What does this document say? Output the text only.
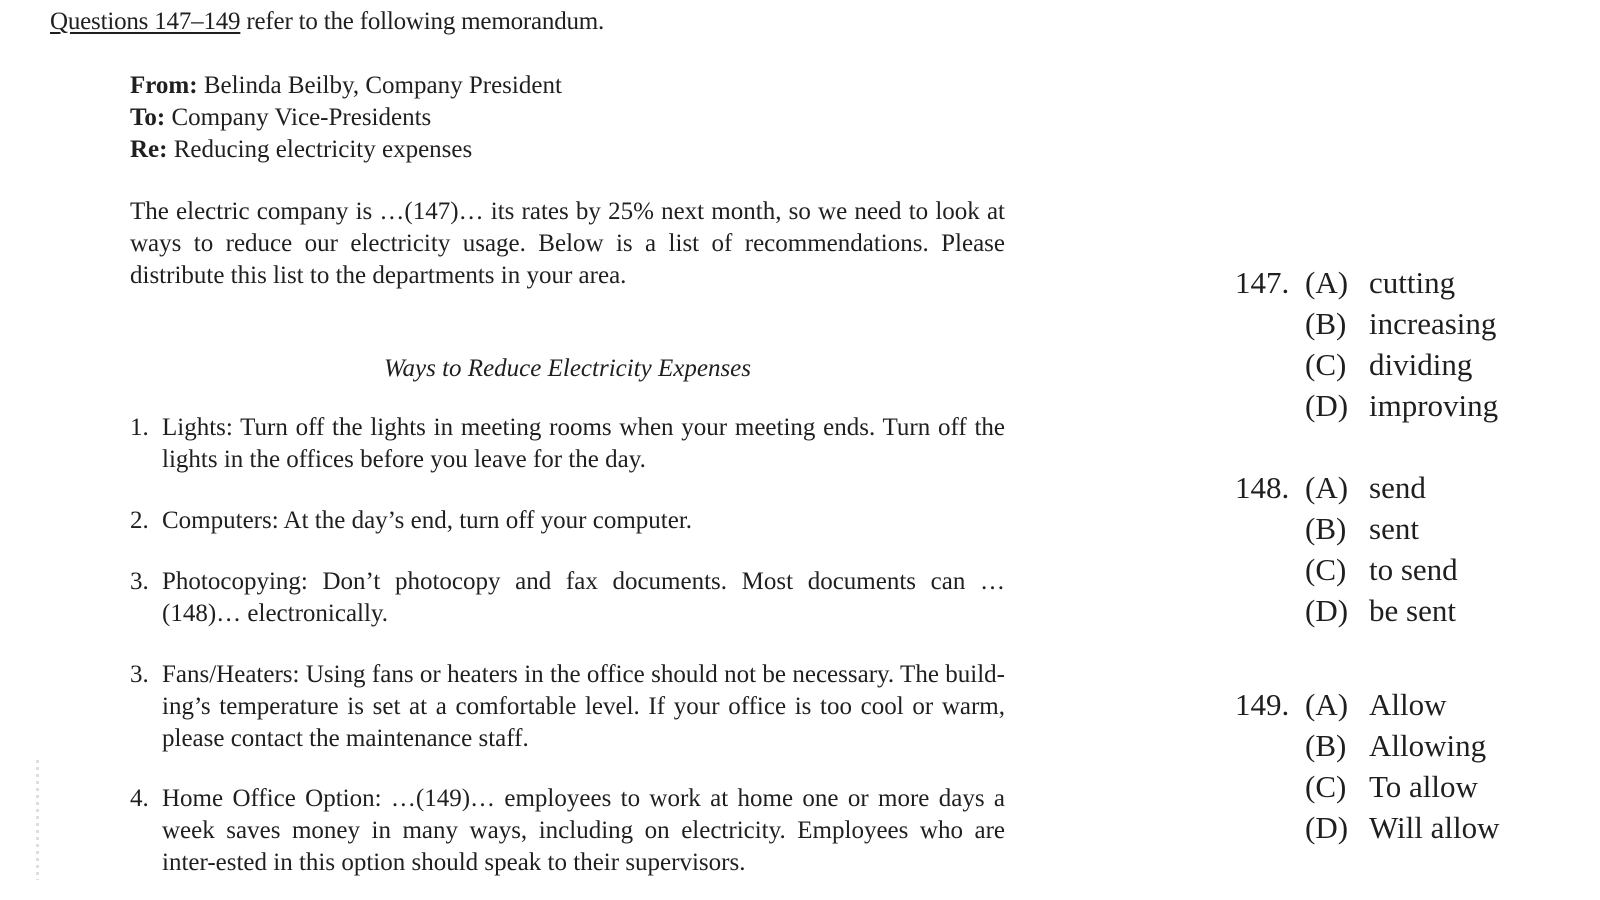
Questions 147–149 refer to the following memorandum.
From: Belinda Beilby, Company President
To: Company Vice-Presidents
Re: Reducing electricity expenses
The electric company is …(147)… its rates by 25% next month, so we need to look at ways to reduce our electricity usage. Below is a list of recommendations. Please distribute this list to the departments in your area.
Ways to Reduce Electricity Expenses
1. Lights: Turn off the lights in meeting rooms when your meeting ends. Turn off the lights in the offices before you leave for the day.
2. Computers: At the day’s end, turn off your computer.
3. Photocopying: Don’t photocopy and fax documents. Most documents can …(148)… electronically.
3. Fans/Heaters: Using fans or heaters in the office should not be necessary. The build-ing’s temperature is set at a comfortable level. If your office is too cool or warm, please contact the maintenance staff.
4. Home Office Option: …(149)… employees to work at home one or more days a week saves money in many ways, including on electricity. Employees who are inter-ested in this option should speak to their supervisors.
147. (A) cutting
(B) increasing
(C) dividing
(D) improving
148. (A) send
(B) sent
(C) to send
(D) be sent
149. (A) Allow
(B) Allowing
(C) To allow
(D) Will allow
